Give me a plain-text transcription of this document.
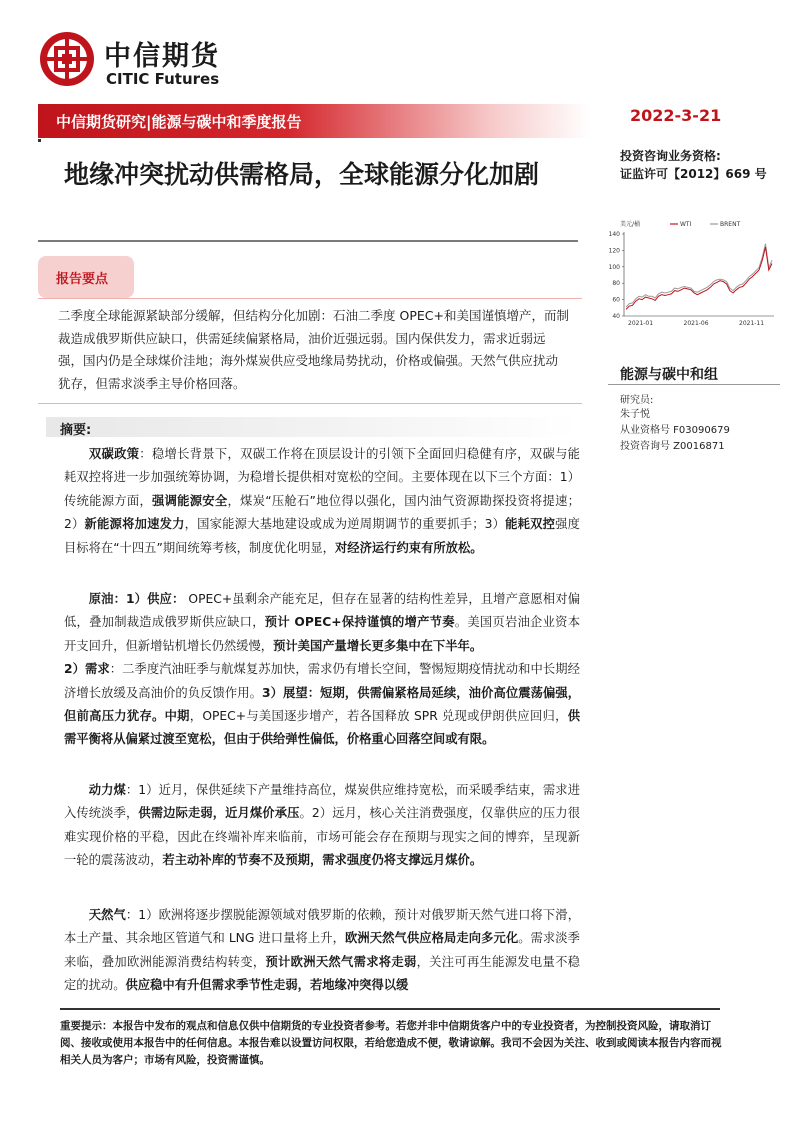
中信期货
CITIC Futures
中信期货研究|能源与碳中和季度报告	2022-3-21
地缘冲突扰动供需格局，全球能源分化加剧
投资咨询业务资格:
证监许可【2012】669 号
美元/桶	WTI	BRENT
40
60
80
100
120
140
2021-01	2021-06	2021-11
能源与碳中和组
研究员:
朱子悦
从业资格号 F03090679
投资咨询号 Z0016871
报告要点
二季度全球能源紧缺部分缓解，但结构分化加剧：石油二季度 OPEC+和美国谨慎增产，而制裁造成俄罗斯供应缺口，供需延续偏紧格局，油价近强远弱。国内保供发力，需求近弱远强，国内仍是全球煤价洼地；海外煤炭供应受地缘局势扰动，价格或偏强。天然气供应扰动犹存，但需求淡季主导价格回落。
摘要:
双碳政策：稳增长背景下，双碳工作将在顶层设计的引领下全面回归稳健有序，双碳与能耗双控将进一步加强统筹协调，为稳增长提供相对宽松的空间。主要体现在以下三个方面：1）传统能源方面，强调能源安全，煤炭“压舱石”地位得以强化，国内油气资源勘探投资将提速；2）新能源将加速发力，国家能源大基地建设或成为逆周期调节的重要抓手；3）能耗双控强度目标将在“十四五”期间统筹考核，制度优化明显，对经济运行约束有所放松。
原油：1）供应： OPEC+虽剩余产能充足，但存在显著的结构性差异，且增产意愿相对偏低，叠加制裁造成俄罗斯供应缺口，预计 OPEC+保持谨慎的增产节奏。美国页岩油企业资本开支回升，但新增钻机增长仍然缓慢，预计美国产量增长更多集中在下半年。
2）需求：二季度汽油旺季与航煤复苏加快，需求仍有增长空间，警惕短期疫情扰动和中长期经济增长放缓及高油价的负反馈作用。3）展望：短期，供需偏紧格局延续，油价高位震荡偏强，但前高压力犹存。中期，OPEC+与美国逐步增产，若各国释放 SPR 兑现或伊朗供应回归，供需平衡将从偏紧过渡至宽松，但由于供给弹性偏低，价格重心回落空间或有限。
动力煤：1）近月，保供延续下产量维持高位，煤炭供应维持宽松，而采暖季结束，需求进入传统淡季，供需边际走弱，近月煤价承压。2）远月，核心关注消费强度，仅靠供应的压力很难实现价格的平稳，因此在终端补库来临前，市场可能会存在预期与现实之间的博弈，呈现新一轮的震荡波动，若主动补库的节奏不及预期，需求强度仍将支撑远月煤价。
天然气：1）欧洲将逐步摆脱能源领域对俄罗斯的依赖，预计对俄罗斯天然气进口将下滑，本土产量、其余地区管道气和 LNG 进口量将上升，欧洲天然气供应格局走向多元化。需求淡季来临，叠加欧洲能源消费结构转变，预计欧洲天然气需求将走弱，关注可再生能源发电量不稳定的扰动。供应稳中有升但需求季节性走弱，若地缘冲突得以缓
重要提示：本报告中发布的观点和信息仅供中信期货的专业投资者参考。若您并非中信期货客户中的专业投资者，为控制投资风险，请取消订阅、接收或使用本报告中的任何信息。本报告难以设置访问权限，若给您造成不便，敬请谅解。我司不会因为关注、收到或阅读本报告内容而视相关人员为客户；市场有风险，投资需谨慎。
